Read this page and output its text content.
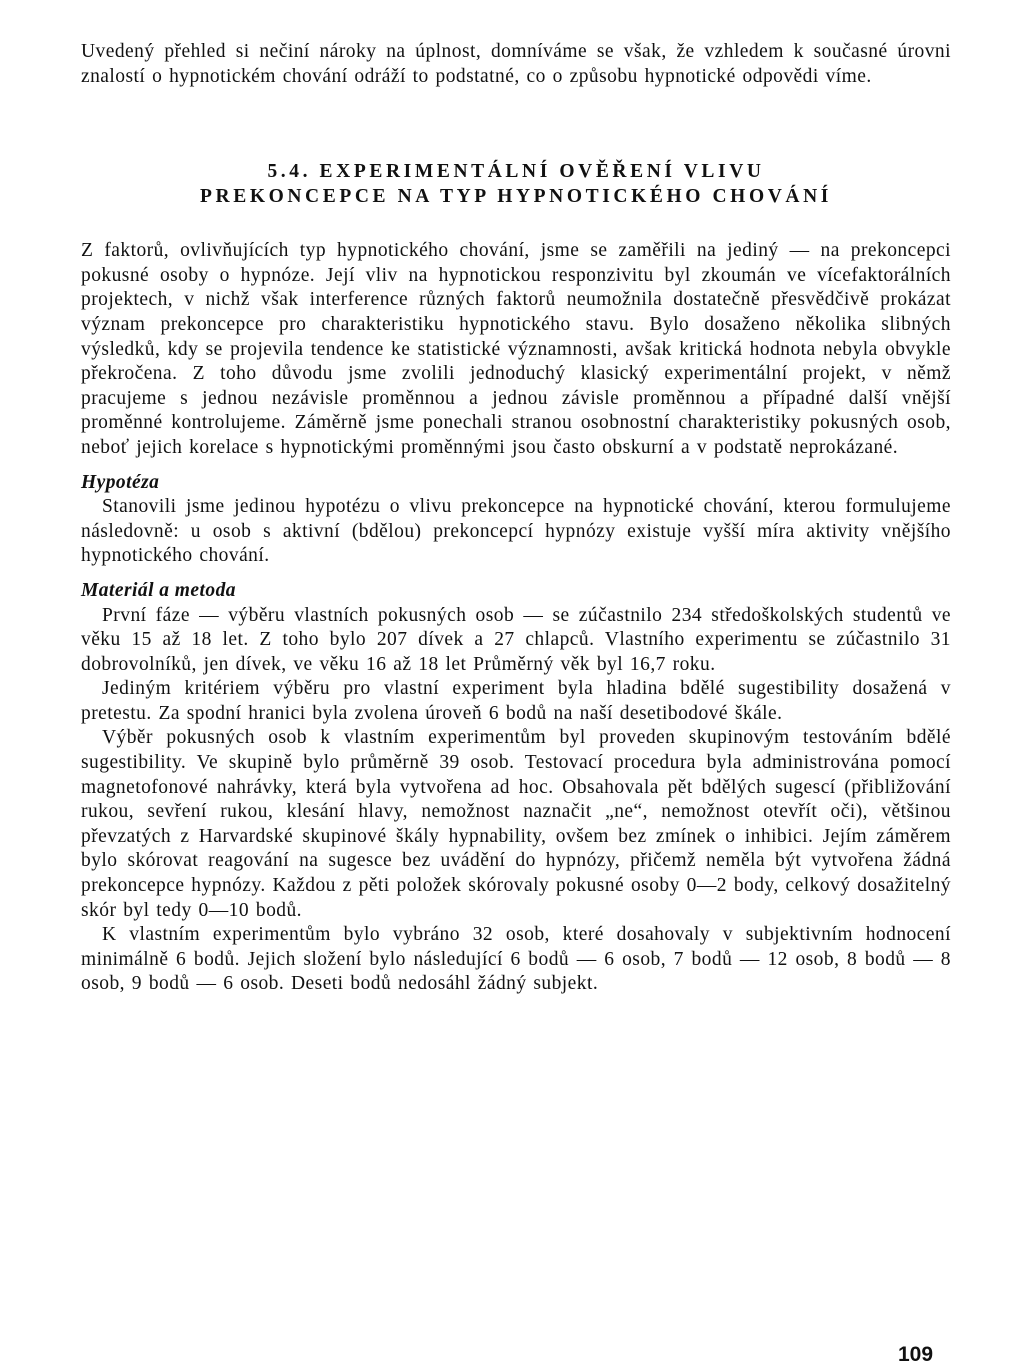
Uvedený přehled si nečiní nároky na úplnost, domníváme se však, že vzhledem k současné úrovni znalostí o hypnotickém chování odráží to podstatné, co o způsobu hypnotické odpovědi víme.

5.4. EXPERIMENTÁLNÍ OVĚŘENÍ VLIVU
PREKONCEPCE NA TYP HYPNOTICKÉHO CHOVÁNÍ

Z faktorů, ovlivňujících typ hypnotického chování, jsme se zaměřili na jediný — na prekoncepci pokusné osoby o hypnóze. Její vliv na hypnotickou responzivitu byl zkoumán ve vícefaktorálních projektech, v nichž však interference různých faktorů neumožnila dostatečně přesvědčivě prokázat význam prekoncepce pro charakteristiku hypnotického stavu. Bylo dosaženo několika slibných výsledků, kdy se projevila tendence ke statistické významnosti, avšak kritická hodnota nebyla obvykle překročena. Z toho důvodu jsme zvolili jednoduchý klasický experimentální projekt, v němž pracujeme s jednou nezávisle proměnnou a jednou závisle proměnnou a případné další vnější proměnné kontrolujeme. Záměrně jsme ponechali stranou osobnostní charakteristiky pokusných osob, neboť jejich korelace s hypnotickými proměnnými jsou často obskurní a v podstatě neprokázané.

Hypotéza

Stanovili jsme jedinou hypotézu o vlivu prekoncepce na hypnotické chování, kterou formulujeme následovně: u osob s aktivní (bdělou) prekoncepcí hypnózy existuje vyšší míra aktivity vnějšího hypnotického chování.

Materiál a metoda

První fáze — výběru vlastních pokusných osob — se zúčastnilo 234 středoškolských studentů ve věku 15 až 18 let. Z toho bylo 207 dívek a 27 chlapců. Vlastního experimentu se zúčastnilo 31 dobrovolníků, jen dívek, ve věku 16 až 18 let Průměrný věk byl 16,7 roku.

Jediným kritériem výběru pro vlastní experiment byla hladina bdělé sugestibility dosažená v pretestu. Za spodní hranici byla zvolena úroveň 6 bodů na naší desetibodové škále.

Výběr pokusných osob k vlastním experimentům byl proveden skupinovým testováním bdělé sugestibility. Ve skupině bylo průměrně 39 osob. Testovací procedura byla administrována pomocí magnetofonové nahrávky, která byla vytvořena ad hoc. Obsahovala pět bdělých sugescí (přibližování rukou, sevření rukou, klesání hlavy, nemožnost naznačit „ne“, nemožnost otevřít oči), většinou převzatých z Harvardské skupinové škály hypnability, ovšem bez zmínek o inhibici. Jejím záměrem bylo skórovat reagování na sugesce bez uvádění do hypnózy, přičemž neměla být vytvořena žádná prekoncepce hypnózy. Každou z pěti položek skórovaly pokusné osoby 0—2 body, celkový dosažitelný skór byl tedy 0—10 bodů.

K vlastním experimentům bylo vybráno 32 osob, které dosahovaly v subjektivním hodnocení minimálně 6 bodů. Jejich složení bylo následující 6 bodů — 6 osob, 7 bodů — 12 osob, 8 bodů — 8 osob, 9 bodů — 6 osob. Deseti bodů nedosáhl žádný subjekt.

109
